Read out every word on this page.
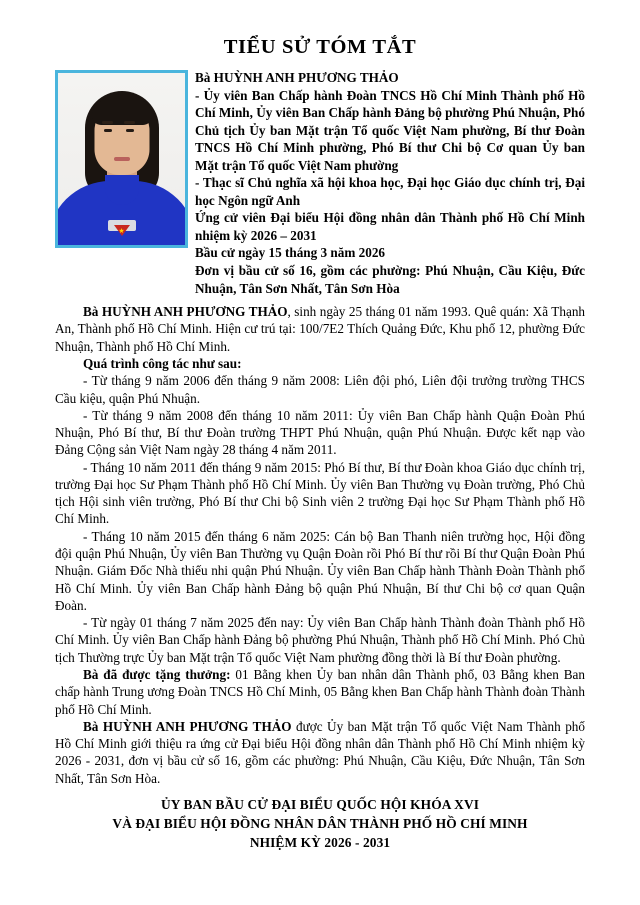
TIỂU SỬ TÓM TẮT
★

Bà HUỲNH ANH PHƯƠNG THẢO

- Ủy viên Ban Chấp hành Đoàn TNCS Hồ Chí Minh Thành phố Hồ Chí Minh, Ủy viên Ban Chấp hành Đảng bộ phường Phú Nhuận, Phó Chủ tịch Ủy ban Mặt trận Tổ quốc Việt Nam phường, Bí thư Đoàn TNCS Hồ Chí Minh phường, Phó Bí thư Chi bộ Cơ quan Ủy ban Mặt trận Tổ quốc Việt Nam phường

- Thạc sĩ Chủ nghĩa xã hội khoa học, Đại học Giáo dục chính trị, Đại học Ngôn ngữ Anh

Ứng cử viên Đại biểu Hội đồng nhân dân Thành phố Hồ Chí Minh nhiệm kỳ 2026 – 2031

Bầu cử ngày 15 tháng 3 năm 2026

Đơn vị bầu cử số 16, gồm các phường: Phú Nhuận, Cầu Kiệu, Đức Nhuận, Tân Sơn Nhất, Tân Sơn Hòa

Bà HUỲNH ANH PHƯƠNG THẢO, sinh ngày 25 tháng 01 năm 1993. Quê quán: Xã Thạnh An, Thành phố Hồ Chí Minh. Hiện cư trú tại: 100/7E2 Thích Quảng Đức, Khu phố 12, phường Đức Nhuận, Thành phố Hồ Chí Minh.

Quá trình công tác như sau:

- Từ tháng 9 năm 2006 đến tháng 9 năm 2008: Liên đội phó, Liên đội trưởng trường THCS Cầu kiệu, quận Phú Nhuận.

- Từ tháng 9 năm 2008 đến tháng 10 năm 2011: Ủy viên Ban Chấp hành Quận Đoàn Phú Nhuận, Phó Bí thư, Bí thư Đoàn trường THPT Phú Nhuận, quận Phú Nhuận. Được kết nạp vào Đảng Cộng sản Việt Nam ngày 28 tháng 4 năm 2011.

- Tháng 10 năm 2011 đến tháng 9 năm 2015: Phó Bí thư, Bí thư Đoàn khoa Giáo dục chính trị, trường Đại học Sư Phạm Thành phố Hồ Chí Minh. Ủy viên Ban Thường vụ Đoàn trường, Phó Chủ tịch Hội sinh viên trường, Phó Bí thư Chi bộ Sinh viên 2 trường Đại học Sư Phạm Thành phố Hồ Chí Minh.

- Tháng 10 năm 2015 đến tháng 6 năm 2025: Cán bộ Ban Thanh niên trường học, Hội đồng đội quận Phú Nhuận, Ủy viên Ban Thường vụ Quận Đoàn rồi Phó Bí thư rồi Bí thư Quận Đoàn Phú Nhuận. Giám Đốc Nhà thiếu nhi quận Phú Nhuận. Ủy viên Ban Chấp hành Thành Đoàn Thành phố Hồ Chí Minh. Ủy viên Ban Chấp hành Đảng bộ quận Phú Nhuận, Bí thư Chi bộ cơ quan Quận Đoàn.

- Từ ngày 01 tháng 7 năm 2025 đến nay: Ủy viên Ban Chấp hành Thành đoàn Thành phố Hồ Chí Minh. Ủy viên Ban Chấp hành Đảng bộ phường Phú Nhuận, Thành phố Hồ Chí Minh. Phó Chủ tịch Thường trực Ủy ban Mặt trận Tổ quốc Việt Nam phường đồng thời là Bí thư Đoàn phường.

Bà đã được tặng thưởng: 01 Bằng khen Ủy ban nhân dân Thành phố, 03 Bằng khen Ban chấp hành Trung ương Đoàn TNCS Hồ Chí Minh, 05 Bằng khen Ban Chấp hành Thành đoàn Thành phố Hồ Chí Minh.

Bà HUỲNH ANH PHƯƠNG THẢO được Ủy ban Mặt trận Tổ quốc Việt Nam Thành phố Hồ Chí Minh giới thiệu ra ứng cử Đại biểu Hội đồng nhân dân Thành phố Hồ Chí Minh nhiệm kỳ 2026 - 2031, đơn vị bầu cử số 16, gồm các phường: Phú Nhuận, Cầu Kiệu, Đức Nhuận, Tân Sơn Nhất, Tân Sơn Hòa.

ỦY BAN BẦU CỬ ĐẠI BIỂU QUỐC HỘI KHÓA XVI

VÀ ĐẠI BIỂU HỘI ĐỒNG NHÂN DÂN THÀNH PHỐ HỒ CHÍ MINH

NHIỆM KỲ 2026 - 2031
